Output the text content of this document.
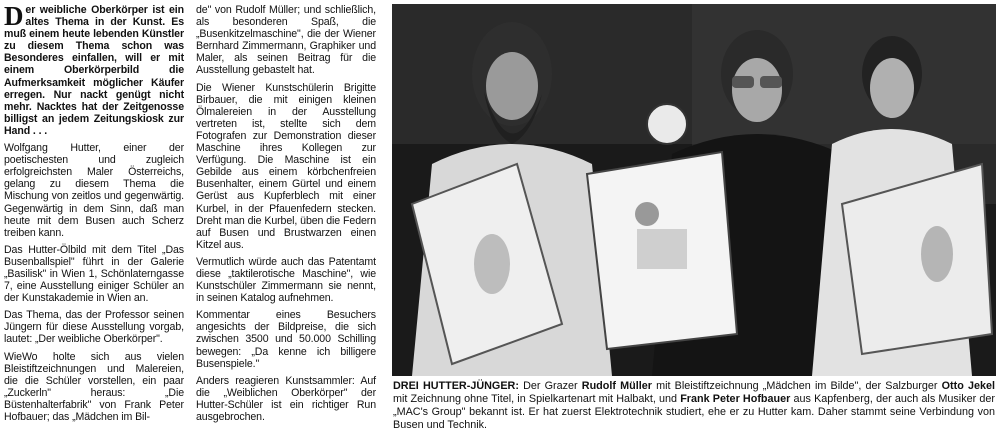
Der weibliche Oberkörper ist ein altes Thema in der Kunst. Es muß einem heute lebenden Künstler zu diesem Thema schon was Besonderes einfallen, will er mit einem Oberkörperbild die Aufmerksamkeit möglicher Käufer erregen. Nur nackt genügt nicht mehr. Nacktes hat der Zeitgenosse billigst an jedem Zeitungskiosk zur Hand . . .

Wolfgang Hutter, einer der poetischesten und zugleich erfolgreichsten Maler Österreichs, gelang zu diesem Thema die Mischung von zeitlos und gegenwärtig. Gegenwärtig in dem Sinn, daß man heute mit dem Busen auch Scherz treiben kann.

Das Hutter-Ölbild mit dem Titel „Das Busenballspiel" führt in der Galerie „Basilisk" in Wien 1, Schönlaterngasse 7, eine Ausstellung einiger Schüler an der Kunstakademie in Wien an.

Das Thema, das der Professor seinen Jüngern für diese Ausstellung vorgab, lautet: „Der weibliche Oberkörper".

WieWo holte sich aus vielen Bleistiftzeichnungen und Malereien, die die Schüler vorstellen, ein paar „Zuckerln" heraus: „Die Büstenhalterfabrik" von Frank Peter Hofbauer; das „Mädchen im Bil-

de" von Rudolf Müller; und schließlich, als besonderen Spaß, die „Busenkitzelmaschine", die der Wiener Bernhard Zimmermann, Graphiker und Maler, als seinen Beitrag für die Ausstellung gebastelt hat.

Die Wiener Kunstschülerin Brigitte Birbauer, die mit einigen kleinen Ölmalereien in der Ausstellung vertreten ist, stellte sich dem Fotografen zur Demonstration dieser Maschine ihres Kollegen zur Verfügung. Die Maschine ist ein Gebilde aus einem körbchenfreien Busenhalter, einem Gürtel und einem Gerüst aus Kupferblech mit einer Kurbel, in der Pfauenfedern stecken. Dreht man die Kurbel, üben die Federn auf Busen und Brustwarzen einen Kitzel aus.

Vermutlich würde auch das Patentamt diese „taktilerotische Maschine", wie Kunstschüler Zimmermann sie nennt, in seinen Katalog aufnehmen.

Kommentar eines Besuchers angesichts der Bildpreise, die sich zwischen 3500 und 50.000 Schilling bewegen: „Da kenne ich billigere Busenspiele."

Anders reagieren Kunstsammler: Auf die „Weiblichen Oberkörper" der Hutter-Schüler ist ein richtiger Run ausgebrochen.

DREI HUTTER-JÜNGER: Der Grazer Rudolf Müller mit Bleistiftzeichnung „Mädchen im Bilde", der Salzburger Otto Jekel mit Zeichnung ohne Titel, in Spielkartenart mit Halbakt, und Frank Peter Hofbauer aus Kapfenberg, der auch als Musiker der „MAC's Group" bekannt ist. Er hat zuerst Elektrotechnik studiert, ehe er zu Hutter kam. Daher stammt seine Verbindung von Busen und Technik.
